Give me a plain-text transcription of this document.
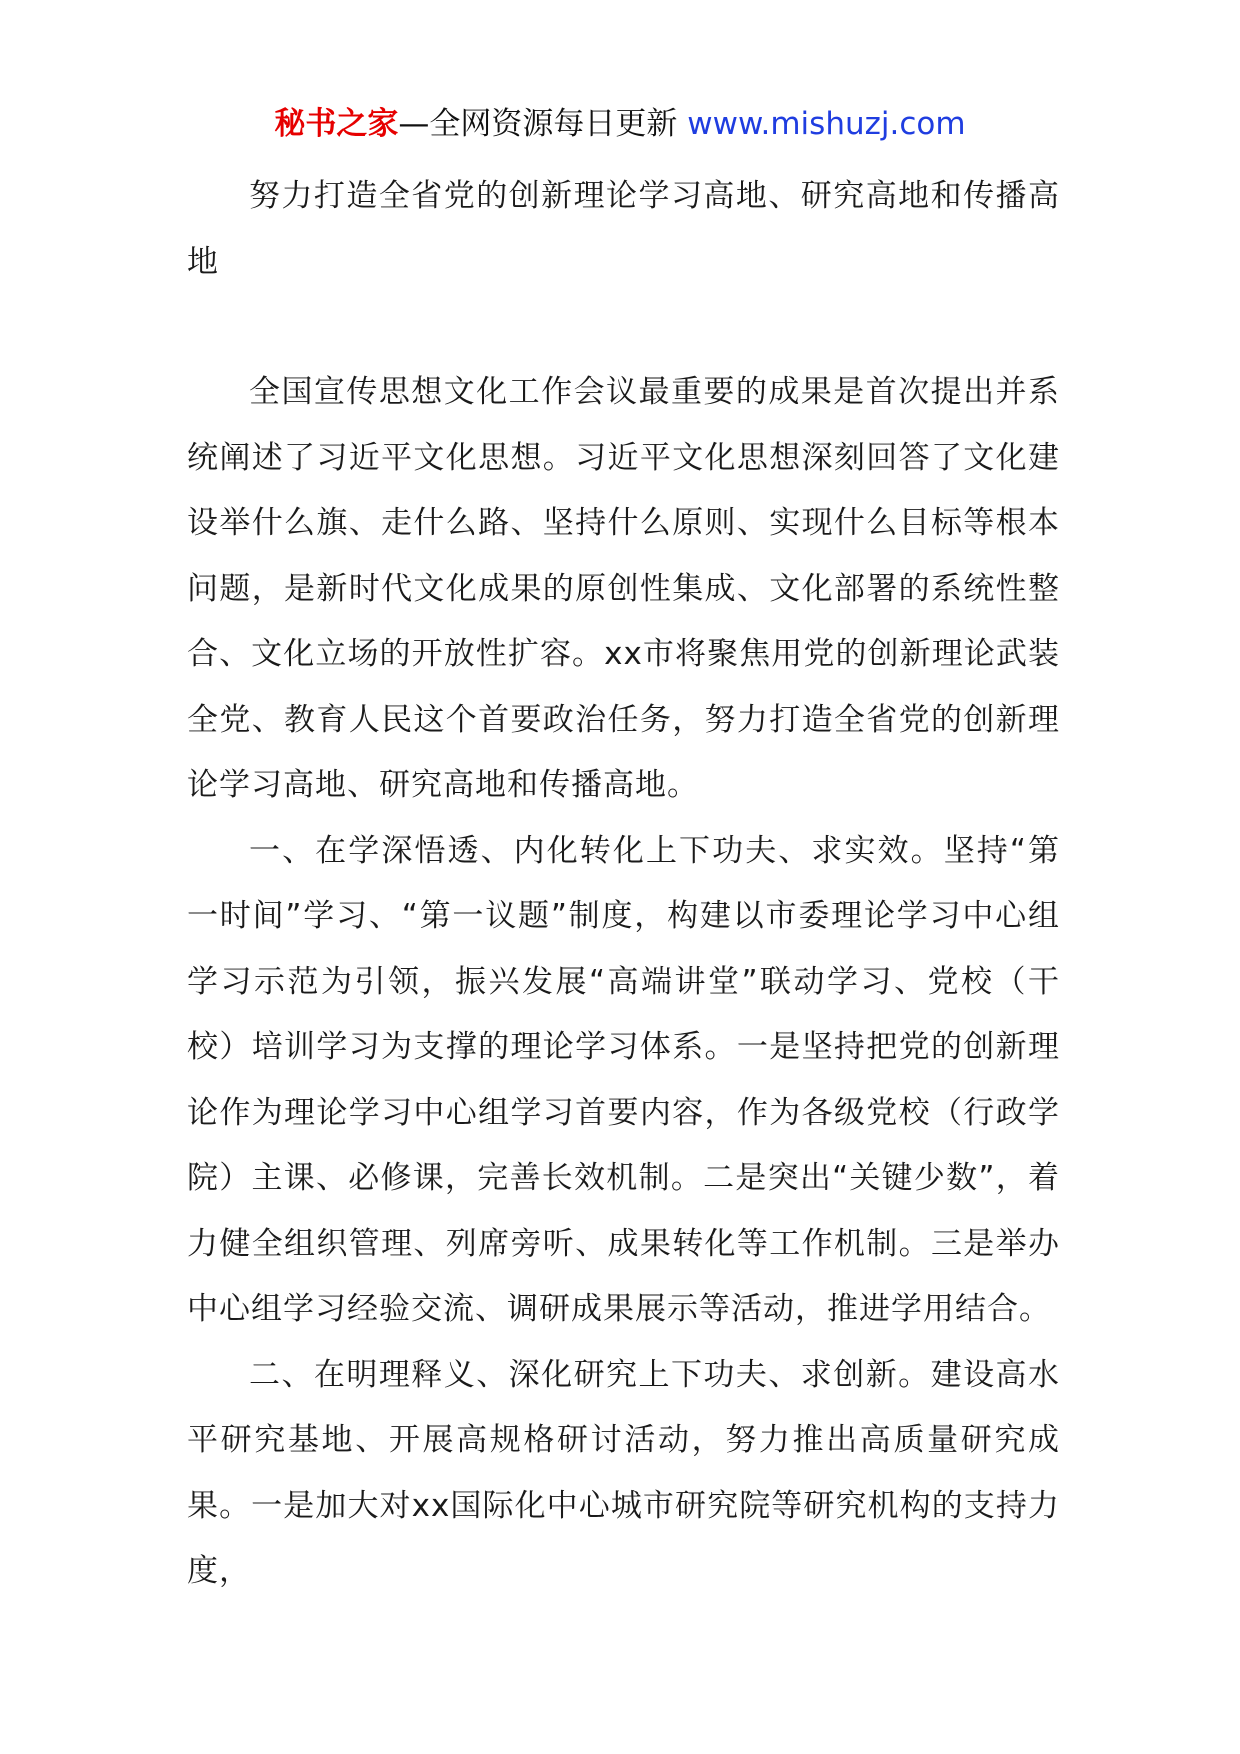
秘书之家—全网资源每日更新 www.mishuzj.com

努力打造全省党的创新理论学习高地、研究高地和传播高地

全国宣传思想文化工作会议最重要的成果是首次提出并系统阐述了习近平文化思想。习近平文化思想深刻回答了文化建设举什么旗、走什么路、坚持什么原则、实现什么目标等根本问题，是新时代文化成果的原创性集成、文化部署的系统性整合、文化立场的开放性扩容。xx市将聚焦用党的创新理论武装全党、教育人民这个首要政治任务，努力打造全省党的创新理论学习高地、研究高地和传播高地。

一、在学深悟透、内化转化上下功夫、求实效。坚持“第一时间”学习、“第一议题”制度，构建以市委理论学习中心组学习示范为引领，振兴发展“高端讲堂”联动学习、党校（干校）培训学习为支撑的理论学习体系。一是坚持把党的创新理论作为理论学习中心组学习首要内容，作为各级党校（行政学院）主课、必修课，完善长效机制。二是突出“关键少数”，着力健全组织管理、列席旁听、成果转化等工作机制。三是举办中心组学习经验交流、调研成果展示等活动，推进学用结合。

二、在明理释义、深化研究上下功夫、求创新。建设高水平研究基地、开展高规格研讨活动，努力推出高质量研究成果。一是加大对xx国际化中心城市研究院等研究机构的支持力度，
